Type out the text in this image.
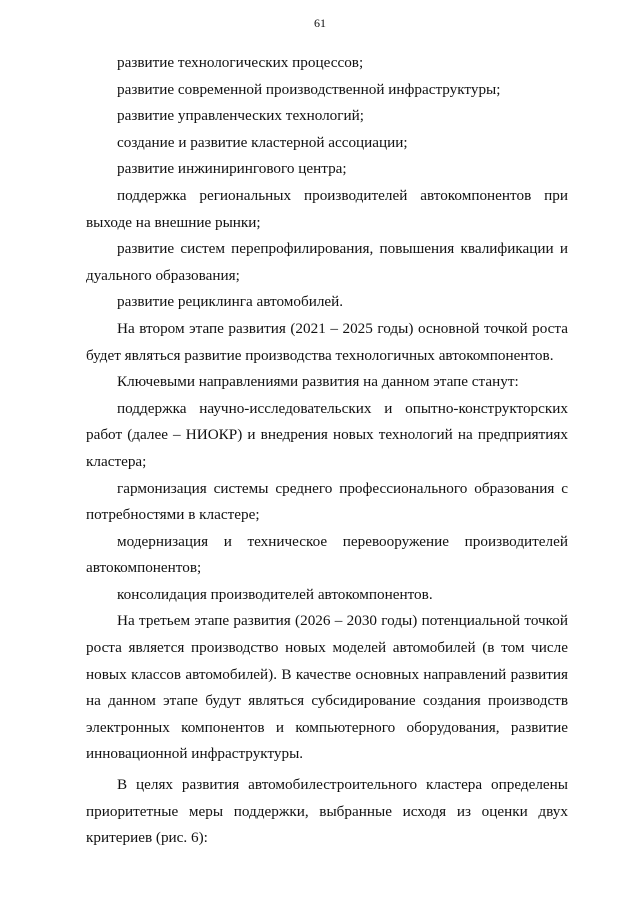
61

развитие технологических процессов;

развитие современной производственной инфраструктуры;

развитие управленческих технологий;

создание и развитие кластерной ассоциации;

развитие инжинирингового центра;

поддержка региональных производителей автокомпонентов при выходе на внешние рынки;

развитие систем перепрофилирования, повышения квалификации и дуального образования;

развитие рециклинга автомобилей.

На втором этапе развития (2021 – 2025 годы) основной точкой роста будет являться развитие производства технологичных автокомпонентов.

Ключевыми направлениями развития на данном этапе станут:

поддержка научно-исследовательских и опытно-конструкторских работ (далее – НИОКР) и внедрения новых технологий на предприятиях кластера;

гармонизация системы среднего профессионального образования с потребностями в кластере;

модернизация и техническое перевооружение производителей автокомпонентов;

консолидация производителей автокомпонентов.

На третьем этапе развития (2026 – 2030 годы) потенциальной точкой роста является производство новых моделей автомобилей (в том числе новых классов автомобилей). В качестве основных направлений развития на данном этапе будут являться субсидирование создания производств электронных компонентов и компьютерного оборудования, развитие инновационной инфраструктуры.

В целях развития автомобилестроительного кластера определены приоритетные меры поддержки, выбранные исходя из оценки двух критериев (рис. 6):
